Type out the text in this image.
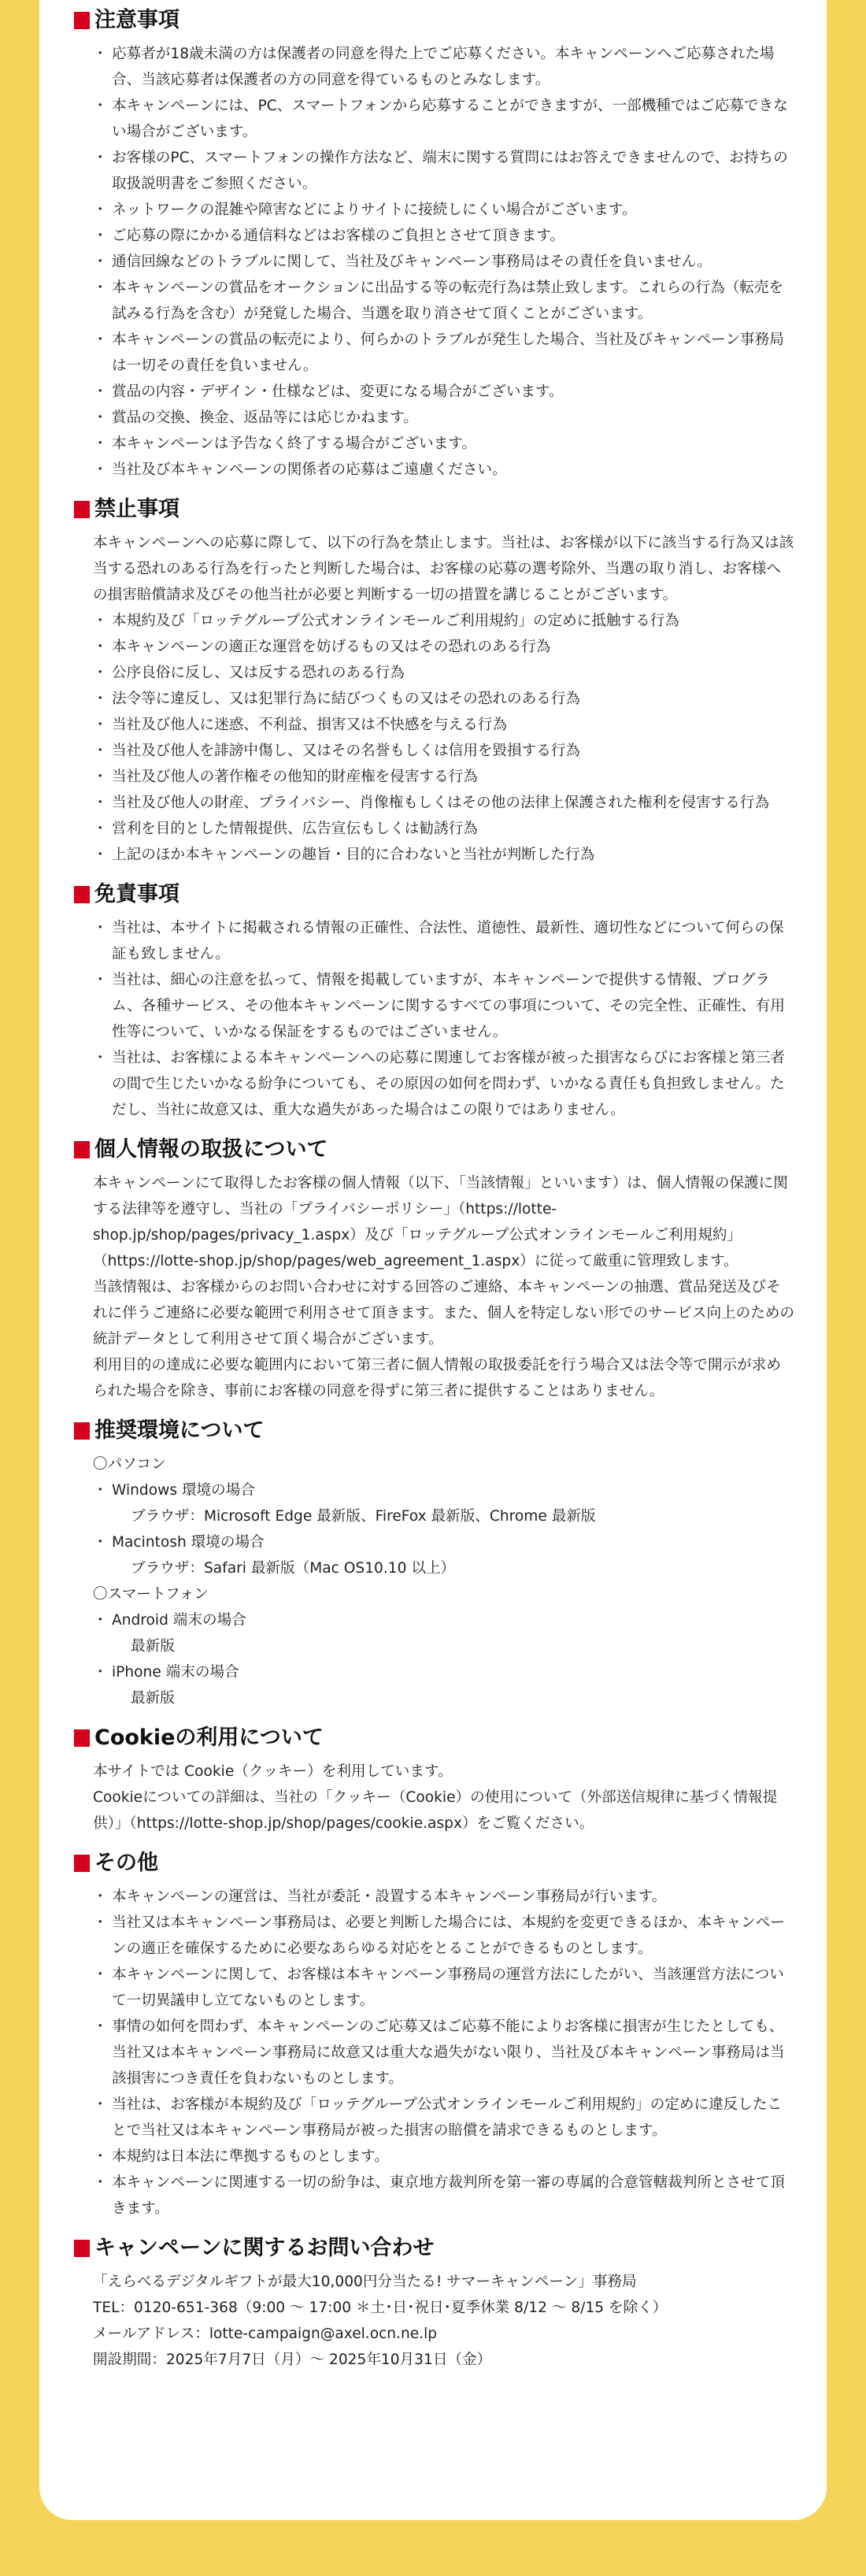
注意事項
・ 応募者が18歳未満の方は保護者の同意を得た上でご応募ください。本キャンペーンへご応募された場合、当該応募者は保護者の方の同意を得ているものとみなします。
・ 本キャンペーンには、PC、スマートフォンから応募することができますが、一部機種ではご応募できない場合がございます。
・ お客様のPC、スマートフォンの操作方法など、端末に関する質問にはお答えできませんので、お持ちの取扱説明書をご参照ください。
・ ネットワークの混雑や障害などによりサイトに接続しにくい場合がございます。
・ ご応募の際にかかる通信料などはお客様のご負担とさせて頂きます。
・ 通信回線などのトラブルに関して、当社及びキャンペーン事務局はその責任を負いません。
・ 本キャンペーンの賞品をオークションに出品する等の転売行為は禁止致します。これらの行為（転売を試みる行為を含む）が発覚した場合、当選を取り消させて頂くことがございます。
・ 本キャンペーンの賞品の転売により、何らかのトラブルが発生した場合、当社及びキャンペーン事務局は一切その責任を負いません。
・ 賞品の内容・デザイン・仕様などは、変更になる場合がございます。
・ 賞品の交換、換金、返品等には応じかねます。
・ 本キャンペーンは予告なく終了する場合がございます。
・ 当社及び本キャンペーンの関係者の応募はご遠慮ください。
禁止事項

本キャンペーンへの応募に際して、以下の行為を禁止します。当社は、お客様が以下に該当する行為又は該当する恐れのある行為を行ったと判断した場合は、お客様の応募の選考除外、当選の取り消し、お客様への損害賠償請求及びその他当社が必要と判断する一切の措置を講じることがございます。

・ 本規約及び「ロッテグループ公式オンラインモールご利用規約」の定めに抵触する行為
・ 本キャンペーンの適正な運営を妨げるもの又はその恐れのある行為
・ 公序良俗に反し、又は反する恐れのある行為
・ 法令等に違反し、又は犯罪行為に結びつくもの又はその恐れのある行為
・ 当社及び他人に迷惑、不利益、損害又は不快感を与える行為
・ 当社及び他人を誹謗中傷し、又はその名誉もしくは信用を毀損する行為
・ 当社及び他人の著作権その他知的財産権を侵害する行為
・ 当社及び他人の財産、プライバシー、肖像権もしくはその他の法律上保護された権利を侵害する行為
・ 営利を目的とした情報提供、広告宣伝もしくは勧誘行為
・ 上記のほか本キャンペーンの趣旨・目的に合わないと当社が判断した行為
免責事項
・ 当社は、本サイトに掲載される情報の正確性、合法性、道徳性、最新性、適切性などについて何らの保証も致しません。
・ 当社は、細心の注意を払って、情報を掲載していますが、本キャンペーンで提供する情報、プログラム、各種サービス、その他本キャンペーンに関するすべての事項について、その完全性、正確性、有用性等について、いかなる保証をするものではございません。
・ 当社は、お客様による本キャンペーンへの応募に関連してお客様が被った損害ならびにお客様と第三者の間で生じたいかなる紛争についても、その原因の如何を問わず、いかなる責任も負担致しません。ただし、当社に故意又は、重大な過失があった場合はこの限りではありません。
個人情報の取扱について

本キャンペーンにて取得したお客様の個人情報（以下、「当該情報」といいます）は、個人情報の保護に関する法律等を遵守し、当社の「プライバシーポリシー」（https://lotte-shop.jp/shop/pages/privacy_1.aspx）及び「ロッテグループ公式オンラインモールご利用規約」（https://lotte-shop.jp/shop/pages/web_agreement_1.aspx）に従って厳重に管理致します。

当該情報は、お客様からのお問い合わせに対する回答のご連絡、本キャンペーンの抽選、賞品発送及びそれに伴うご連絡に必要な範囲で利用させて頂きます。また、個人を特定しない形でのサービス向上のための統計データとして利用させて頂く場合がございます。

利用目的の達成に必要な範囲内において第三者に個人情報の取扱委託を行う場合又は法令等で開示が求められた場合を除き、事前にお客様の同意を得ずに第三者に提供することはありません。

推奨環境について
〇パソコン
・ Windows 環境の場合
ブラウザ：Microsoft Edge 最新版、FireFox 最新版、Chrome 最新版
・ Macintosh 環境の場合
ブラウザ：Safari 最新版（Mac OS10.10 以上）
〇スマートフォン
・ Android 端末の場合
最新版
・ iPhone 端末の場合
最新版
Cookieの利用について

本サイトでは Cookie（クッキー）を利用しています。

Cookieについての詳細は、当社の「クッキー（Cookie）の使用について（外部送信規律に基づく情報提供）」（https://lotte-shop.jp/shop/pages/cookie.aspx）をご覧ください。

その他
・ 本キャンペーンの運営は、当社が委託・設置する本キャンペーン事務局が行います。
・ 当社又は本キャンペーン事務局は、必要と判断した場合には、本規約を変更できるほか、本キャンペーンの適正を確保するために必要なあらゆる対応をとることができるものとします。
・ 本キャンペーンに関して、お客様は本キャンペーン事務局の運営方法にしたがい、当該運営方法について一切異議申し立てないものとします。
・ 事情の如何を問わず、本キャンペーンのご応募又はご応募不能によりお客様に損害が生じたとしても、当社又は本キャンペーン事務局に故意又は重大な過失がない限り、当社及び本キャンペーン事務局は当該損害につき責任を負わないものとします。
・ 当社は、お客様が本規約及び「ロッテグループ公式オンラインモールご利用規約」の定めに違反したことで当社又は本キャンペーン事務局が被った損害の賠償を請求できるものとします。
・ 本規約は日本法に準拠するものとします。
・ 本キャンペーンに関連する一切の紛争は、東京地方裁判所を第一審の専属的合意管轄裁判所とさせて頂きます。
キャンペーンに関するお問い合わせ
「えらべるデジタルギフトが最大10,000円分当たる! サマーキャンペーン」事務局
TEL：0120-651-368（9:00 ～ 17:00 ＊土･日･祝日･夏季休業 8/12 ～ 8/15 を除く）
メールアドレス：lotte-campaign@axel.ocn.ne.lp
開設期間：2025年7月7日（月）～ 2025年10月31日（金）
